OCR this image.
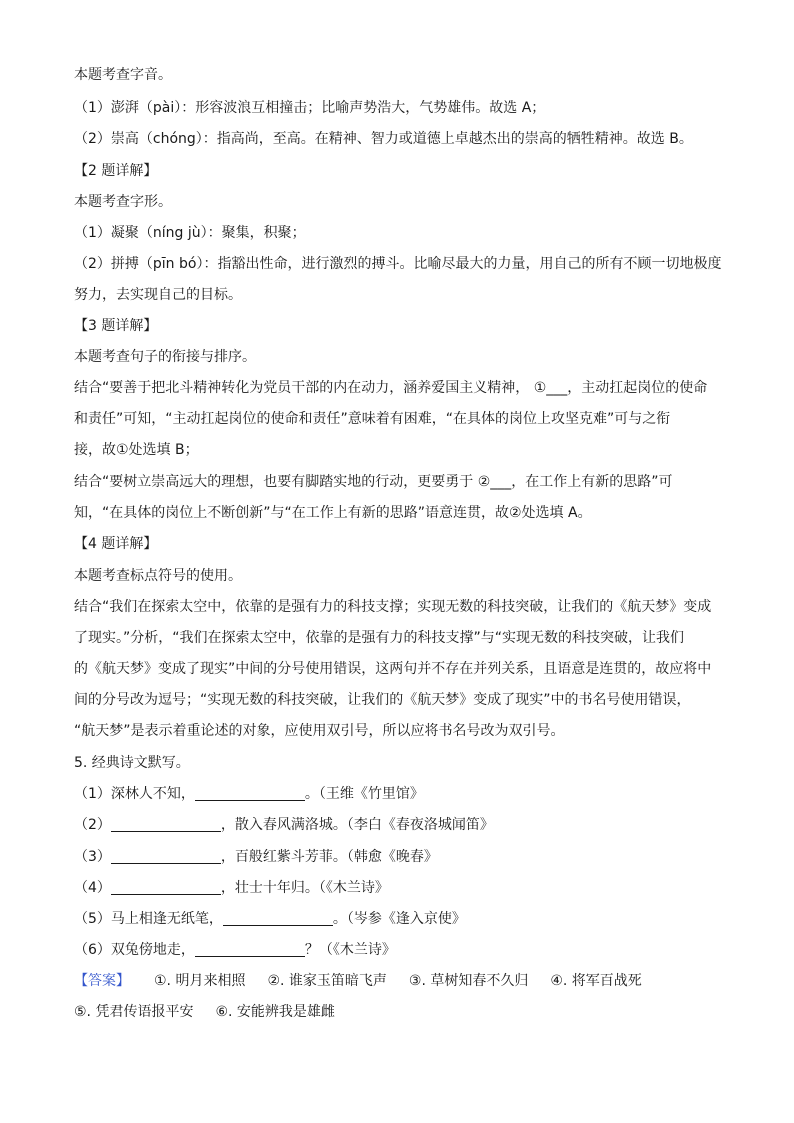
本题考查字音。
（1）澎湃（pài）：形容波浪互相撞击；比喻声势浩大，气势雄伟。故选 A；
（2）崇高（chóng）：指高尚，至高。在精神、智力或道德上卓越杰出的崇高的牺牲精神。故选 B。
【2 题详解】
本题考查字形。
（1）凝聚（níng jù）：聚集，积聚；
（2）拼搏（pīn bó）：指豁出性命，进行激烈的搏斗。比喻尽最大的力量，用自己的所有不顾一切地极度
努力，去实现自己的目标。
【3 题详解】
本题考查句子的衔接与排序。
结合“要善于把北斗精神转化为党员干部的内在动力，涵养爱国主义精神， ①___，主动扛起岗位的使命
和责任”可知，“主动扛起岗位的使命和责任”意味着有困难，“在具体的岗位上攻坚克难”可与之衔
接，故①处选填 B；
结合“要树立崇高远大的理想，也要有脚踏实地的行动，更要勇于 ②___，在工作上有新的思路”可
知，“在具体的岗位上不断创新”与“在工作上有新的思路”语意连贯，故②处选填 A。
【4 题详解】
本题考查标点符号的使用。
结合“我们在探索太空中，依靠的是强有力的科技支撑；实现无数的科技突破，让我们的《航天梦》变成
了现实。”分析，“我们在探索太空中，依靠的是强有力的科技支撑”与“实现无数的科技突破，让我们
的《航天梦》变成了现实”中间的分号使用错误，这两句并不存在并列关系，且语意是连贯的，故应将中
间的分号改为逗号；“实现无数的科技突破，让我们的《航天梦》变成了现实”中的书名号使用错误，
“航天梦”是表示着重论述的对象，应使用双引号，所以应将书名号改为双引号。
5. 经典诗文默写。
（1）深林人不知，	。（王维《竹里馆》
（2）	，散入春风满洛城。（李白《春夜洛城闻笛》
（3）	，百般红紫斗芳菲。（韩愈《晚春》
（4）	，壮士十年归。（《木兰诗》
（5）马上相逢无纸笔，	。（岑参《逢入京使》
（6）双兔傍地走，	？（《木兰诗》
【答案】 ①. 明月来相照 ②. 谁家玉笛暗飞声 ③. 草树知春不久归 ④. 将军百战死
⑤. 凭君传语报平安 ⑥. 安能辨我是雄雌
